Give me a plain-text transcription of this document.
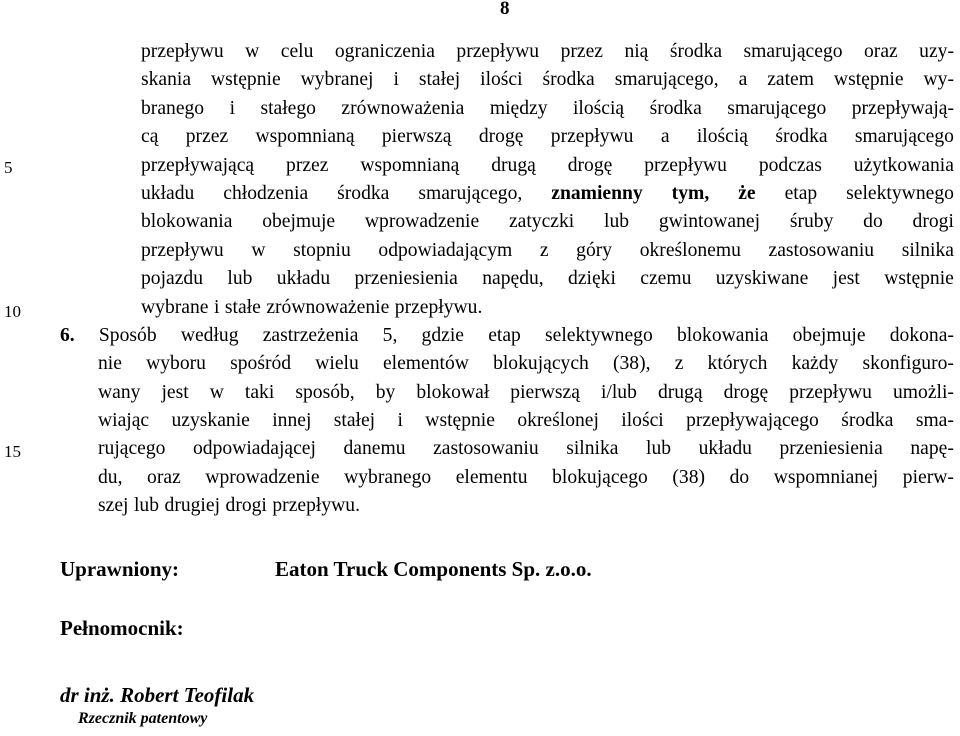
8
5
10
15
przepływu w celu ograniczenia przepływu przez nią środka smarującego oraz uzy-
skania wstępnie wybranej i stałej ilości środka smarującego, a zatem wstępnie wy-
branego i stałego zrównoważenia między ilością środka smarującego przepływają-
cą przez wspomnianą pierwszą drogę przepływu a ilością środka smarującego
przepływającą przez wspomnianą drugą drogę przepływu podczas użytkowania
układu chłodzenia środka smarującego, znamienny tym, że etap selektywnego
blokowania obejmuje wprowadzenie zatyczki lub gwintowanej śruby do drogi
przepływu w stopniu odpowiadającym z góry określonemu zastosowaniu silnika
pojazdu lub układu przeniesienia napędu, dzięki czemu uzyskiwane jest wstępnie
wybrane i stałe zrównoważenie przepływu.
6. Sposób według zastrzeżenia 5, gdzie etap selektywnego blokowania obejmuje dokona-
nie wyboru spośród wielu elementów blokujących (38), z których każdy skonfiguro-
wany jest w taki sposób, by blokował pierwszą i/lub drugą drogę przepływu umożli-
wiając uzyskanie innej stałej i wstępnie określonej ilości przepływającego środka sma-
rującego odpowiadającej danemu zastosowaniu silnika lub układu przeniesienia napę-
du, oraz wprowadzenie wybranego elementu blokującego (38) do wspomnianej pierw-
szej lub drugiej drogi przepływu.
Uprawniony:	Eaton Truck Components Sp. z.o.o.
Pełnomocnik:
dr inż. Robert Teofilak
Rzecznik patentowy
